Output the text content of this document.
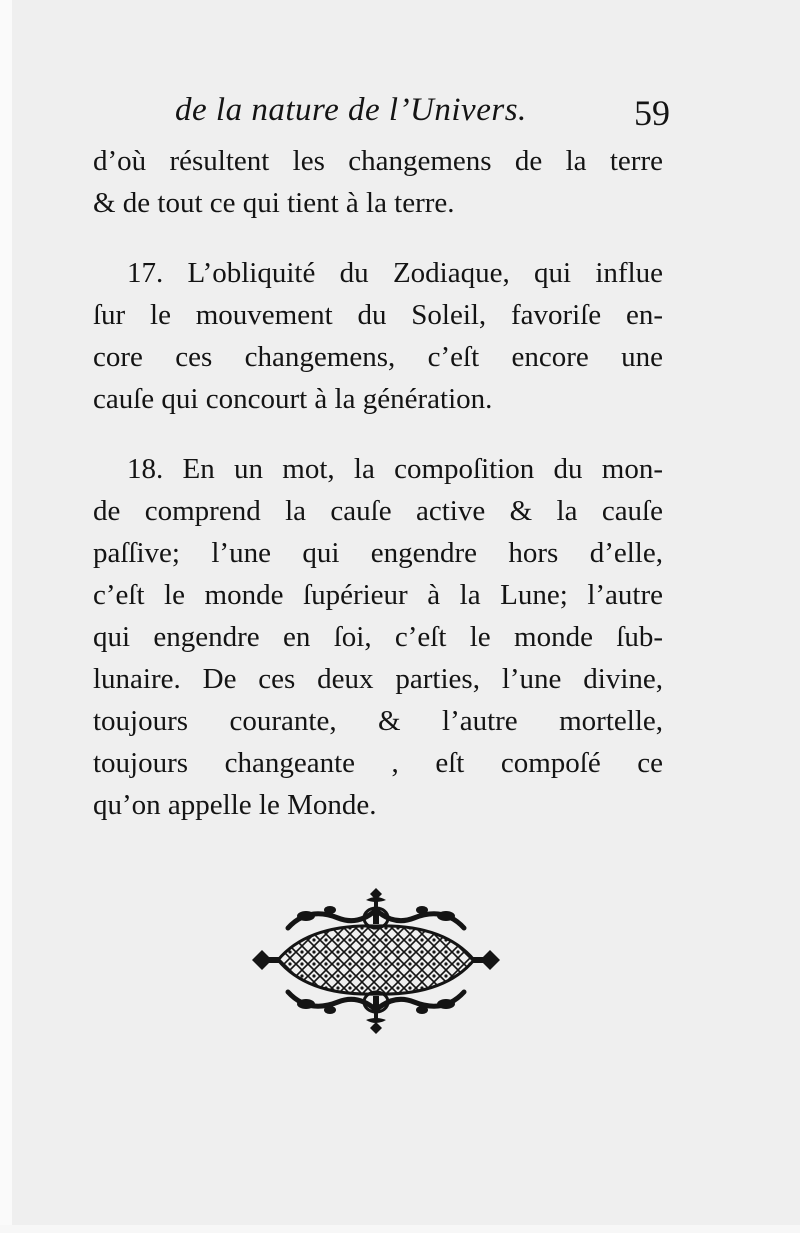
de la nature de l’Univers.	59
d’où résultent les changemens de la terre
& de tout ce qui tient à la terre.
17. L’obliquité du Zodiaque, qui influe
ſur le mouvement du Soleil, favoriſe en-
core ces changemens, c’eſt encore une
cauſe qui concourt à la génération.
18. En un mot, la compoſition du mon-
de comprend la cauſe active & la cauſe
paſſive; l’une qui engendre hors d’elle,
c’eſt le monde ſupérieur à la Lune; l’autre
qui engendre en ſoi, c’eſt le monde ſub-
lunaire. De ces deux parties, l’une divine,
toujours courante, & l’autre mortelle,
toujours changeante , eſt compoſé ce
qu’on appelle le Monde.
